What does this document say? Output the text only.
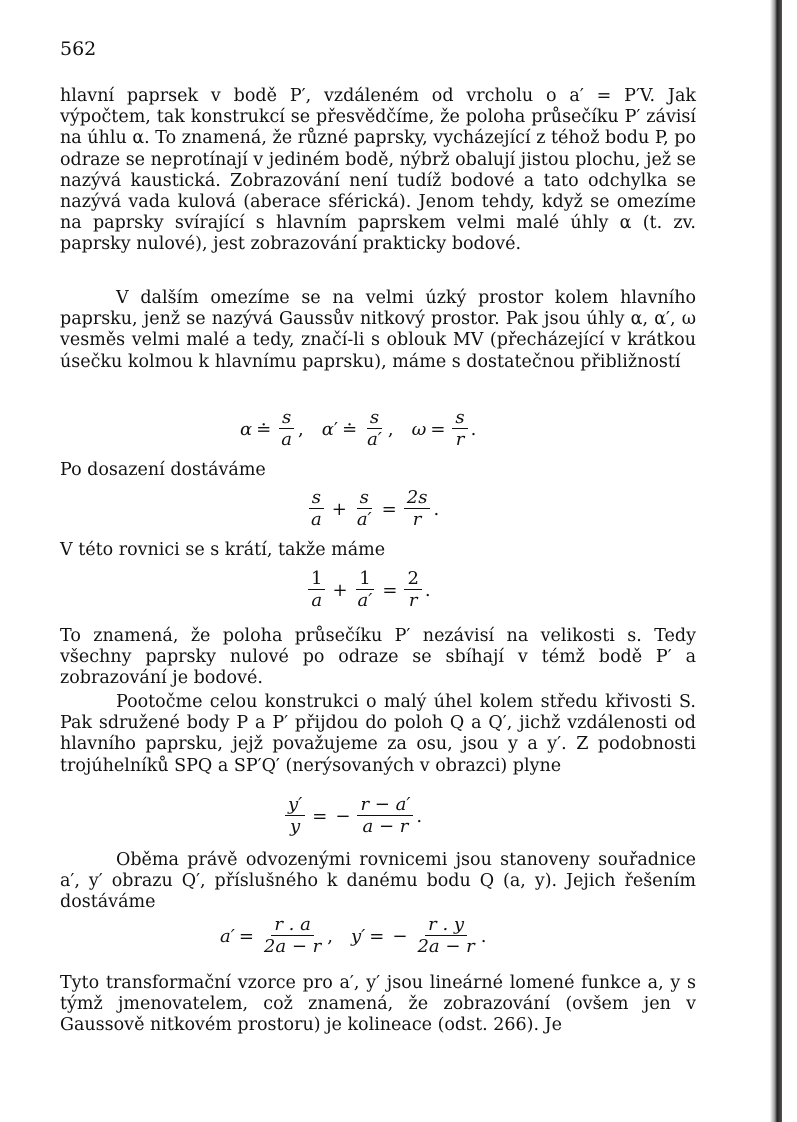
562
hlavní paprsek v bodě P′, vzdáleném od vrcholu o a′ = P′V. Jak výpočtem, tak konstrukcí se přesvědčíme, že poloha průsečíku P′ závisí na úhlu α. To znamená, že různé paprsky, vycházející z téhož bodu P, po odraze se neprotínají v jediném bodě, nýbrž obalují jistou plochu, jež se nazývá kaustická. Zobrazování není tudíž bodové a tato odchylka se nazývá vada kulová (aberace sférická). Jenom tehdy, když se omezíme na paprsky svírající s hlavním paprskem velmi malé úhly α (t. zv. paprsky nulové), jest zobrazování prakticky bodové.
V dalším omezíme se na velmi úzký prostor kolem hlavního paprsku, jenž se nazývá Gaussův nitkový prostor. Pak jsou úhly α, α′, ω vesměs velmi malé a tedy, značí-li s oblouk MV (přecházející v krátkou úsečku kolmou k hlavnímu paprsku), máme s dostatečnou přibližností
α ≐ $\frac{s}{a}$ , α ′ ≐ $\frac{s}{a'}$ , $\omega = \frac{s}{r}$ .
Po dosazení dostáváme
$\frac{s}{a} + \frac{s}{a'} = \frac{2s}{r}$ .
V této rovnici se s krátí, takže máme
$\frac{1}{a} + \frac{1}{a'} = \frac{2}{r}$ .
To znamená, že poloha průsečíku P′ nezávisí na velikosti s. Tedy všechny paprsky nulové po odraze se sbíhají v témž bodě P′ a zobrazování je bodové.
Pootočme celou konstrukci o malý úhel kolem středu křivosti S. Pak sdružené body P a P′ přijdou do poloh Q a Q′, jichž vzdálenosti od hlavního paprsku, jejž považujeme za osu, jsou y a y′. Z podobnosti trojúhelníků SPQ a SP′Q′ (nerýsovaných v obrazci) plyne
$\frac{y'}{y}$ = − $\frac{r - a'}{a - r}$ .
Oběma právě odvozenými rovnicemi jsou stanoveny souřadnice a′, y′ obrazu Q′, příslušného k danému bodu Q (a, y). Jejich řešením dostáváme
$a' = \frac{r . a}{2a - r}$ , y′ = − $\frac{r . y}{2a - r}$ .
Tyto transformační vzorce pro a′, y′ jsou lineárné lomené funkce a, y s týmž jmenovatelem, což znamená, že zobrazování (ovšem jen v Gaussově nitkovém prostoru) je kolineace (odst. 266). Je
